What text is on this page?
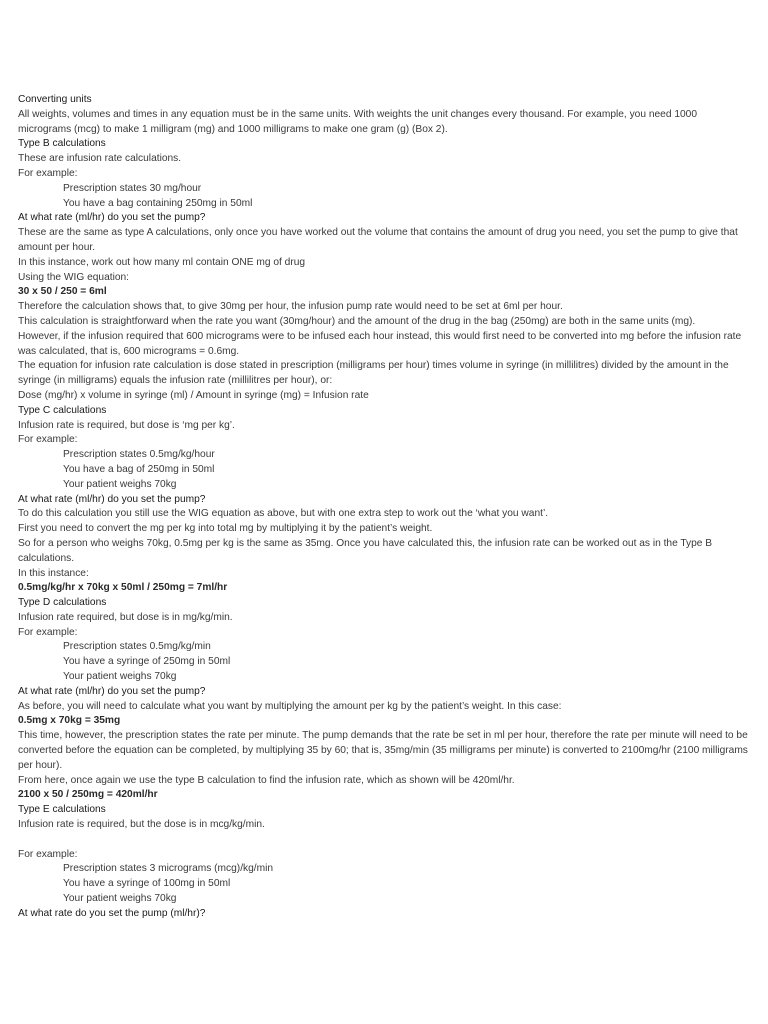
Converting units

All weights, volumes and times in any equation must be in the same units. With weights the unit changes every thousand. For example, you need 1000 micrograms (mcg) to make 1 milligram (mg) and 1000 milligrams to make one gram (g) (Box 2).

Type B calculations

These are infusion rate calculations.

For example:

Prescription states 30 mg/hour

You have a bag containing 250mg in 50ml

At what rate (ml/hr) do you set the pump?

These are the same as type A calculations, only once you have worked out the volume that contains the amount of drug you need, you set the pump to give that amount per hour.

In this instance, work out how many ml contain ONE mg of drug

Using the WIG equation:

30 x 50 / 250 = 6ml

Therefore the calculation shows that, to give 30mg per hour, the infusion pump rate would need to be set at 6ml per hour.

This calculation is straightforward when the rate you want (30mg/hour) and the amount of the drug in the bag (250mg) are both in the same units (mg).

However, if the infusion required that 600 micrograms were to be infused each hour instead, this would first need to be converted into mg before the infusion rate was calculated, that is, 600 micrograms = 0.6mg.

The equation for infusion rate calculation is dose stated in prescription (milligrams per hour) times volume in syringe (in millilitres) divided by the amount in the syringe (in milligrams) equals the infusion rate (millilitres per hour), or:

Dose (mg/hr) x volume in syringe (ml) / Amount in syringe (mg) = Infusion rate

Type C calculations

Infusion rate is required, but dose is ‘mg per kg’.

For example:

Prescription states 0.5mg/kg/hour

You have a bag of 250mg in 50ml

Your patient weighs 70kg

At what rate (ml/hr) do you set the pump?

To do this calculation you still use the WIG equation as above, but with one extra step to work out the ‘what you want’.

First you need to convert the mg per kg into total mg by multiplying it by the patient’s weight.

So for a person who weighs 70kg, 0.5mg per kg is the same as 35mg. Once you have calculated this, the infusion rate can be worked out as in the Type B calculations.

In this instance:

0.5mg/kg/hr x 70kg x 50ml / 250mg = 7ml/hr

Type D calculations

Infusion rate required, but dose is in mg/kg/min.

For example:

Prescription states 0.5mg/kg/min

You have a syringe of 250mg in 50ml

Your patient weighs 70kg

At what rate (ml/hr) do you set the pump?

As before, you will need to calculate what you want by multiplying the amount per kg by the patient’s weight. In this case:

0.5mg x 70kg = 35mg

This time, however, the prescription states the rate per minute. The pump demands that the rate be set in ml per hour, therefore the rate per minute will need to be converted before the equation can be completed, by multiplying 35 by 60; that is, 35mg/min (35 milligrams per minute) is converted to 2100mg/hr (2100 milligrams per hour).

From here, once again we use the type B calculation to find the infusion rate, which as shown will be 420ml/hr.

2100 x 50 / 250mg = 420ml/hr

Type E calculations

Infusion rate is required, but the dose is in mcg/kg/min.

For example:

Prescription states 3 micrograms (mcg)/kg/min

You have a syringe of 100mg in 50ml

Your patient weighs 70kg

At what rate do you set the pump (ml/hr)?
